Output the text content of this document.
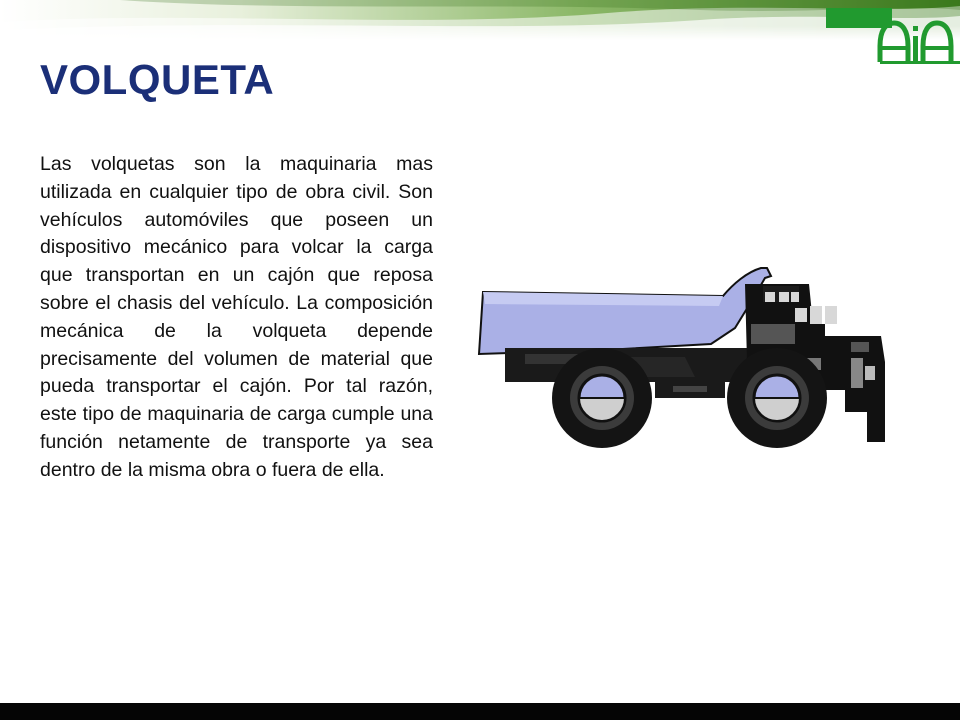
VOLQUETA

Las volquetas son la maquinaria mas utilizada en cualquier tipo de obra civil. Son vehículos automóviles que poseen un dispositivo mecánico para volcar la carga que transportan en un cajón que reposa sobre el chasis del vehículo. La composición mecánica de la volqueta depende precisamente del volumen de material que pueda transportar el cajón. Por tal razón, este tipo de maquinaria de carga cumple una función netamente de transporte ya sea dentro de la misma obra o fuera de ella.
